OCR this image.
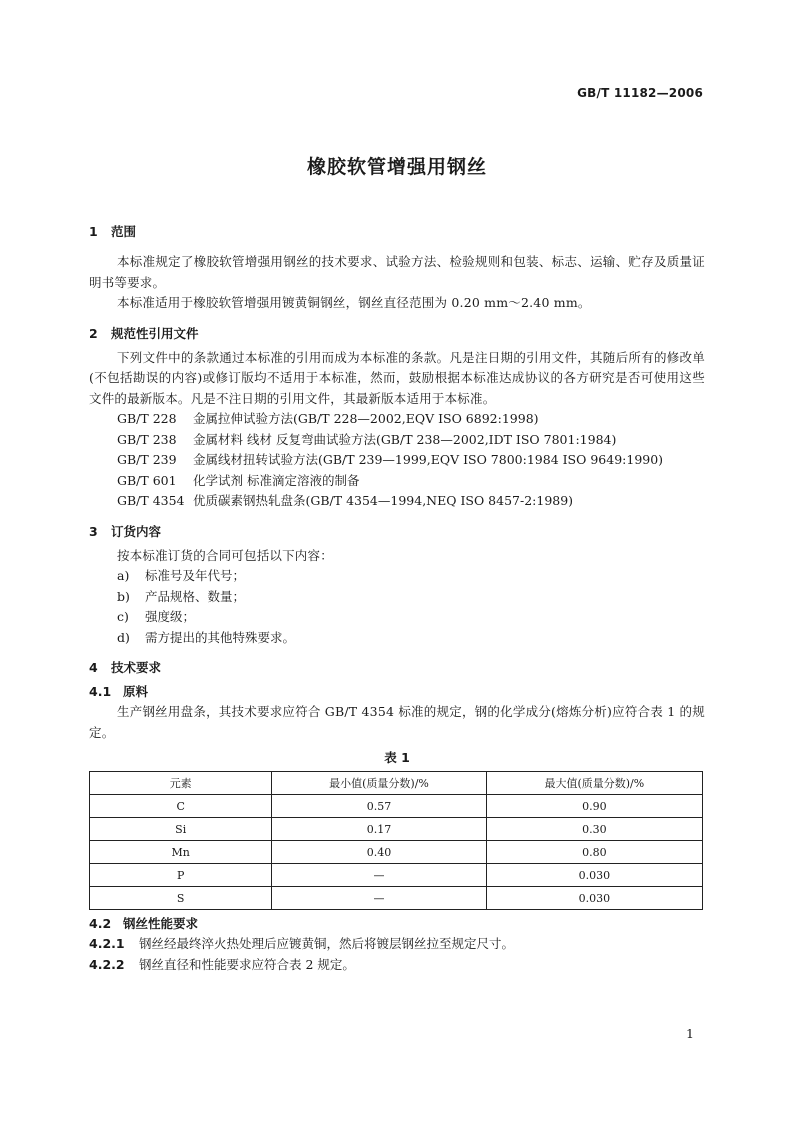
GB/T 11182—2006
橡胶软管增强用钢丝
1 范围

本标准规定了橡胶软管增强用钢丝的技术要求、试验方法、检验规则和包装、标志、运输、贮存及质量证明书等要求。

本标准适用于橡胶软管增强用镀黄铜钢丝，钢丝直径范围为 0.20 mm～2.40 mm。

2 规范性引用文件

下列文件中的条款通过本标准的引用而成为本标准的条款。凡是注日期的引用文件，其随后所有的修改单(不包括勘误的内容)或修订版均不适用于本标准，然而，鼓励根据本标准达成协议的各方研究是否可使用这些文件的最新版本。凡是不注日期的引用文件，其最新版本适用于本标准。

GB/T 228 金属拉伸试验方法(GB/T 228—2002,EQV ISO 6892:1998)
GB/T 238 金属材料 线材 反复弯曲试验方法(GB/T 238—2002,IDT ISO 7801:1984)
GB/T 239 金属线材扭转试验方法(GB/T 239—1999,EQV ISO 7800:1984 ISO 9649:1990)
GB/T 601 化学试剂 标准滴定溶液的制备
GB/T 4354 优质碳素钢热轧盘条(GB/T 4354—1994,NEQ ISO 8457-2:1989)
3 订货内容

按本标准订货的合同可包括以下内容：

a) 标准号及年代号；
b) 产品规格、数量；
c) 强度级；
d) 需方提出的其他特殊要求。
4 技术要求
4.1 原料

生产钢丝用盘条，其技术要求应符合 GB/T 4354 标准的规定，钢的化学成分(熔炼分析)应符合表 1 的规定。

表 1
元素	最小值(质量分数)/%	最大值(质量分数)/%
C	0.57	0.90
Si	0.17	0.30
Mn	0.40	0.80
P	—	0.030
S	—	0.030
4.2 钢丝性能要求
4.2.1 钢丝经最终淬火热处理后应镀黄铜，然后将镀层钢丝拉至规定尺寸。
4.2.2 钢丝直径和性能要求应符合表 2 规定。
1
